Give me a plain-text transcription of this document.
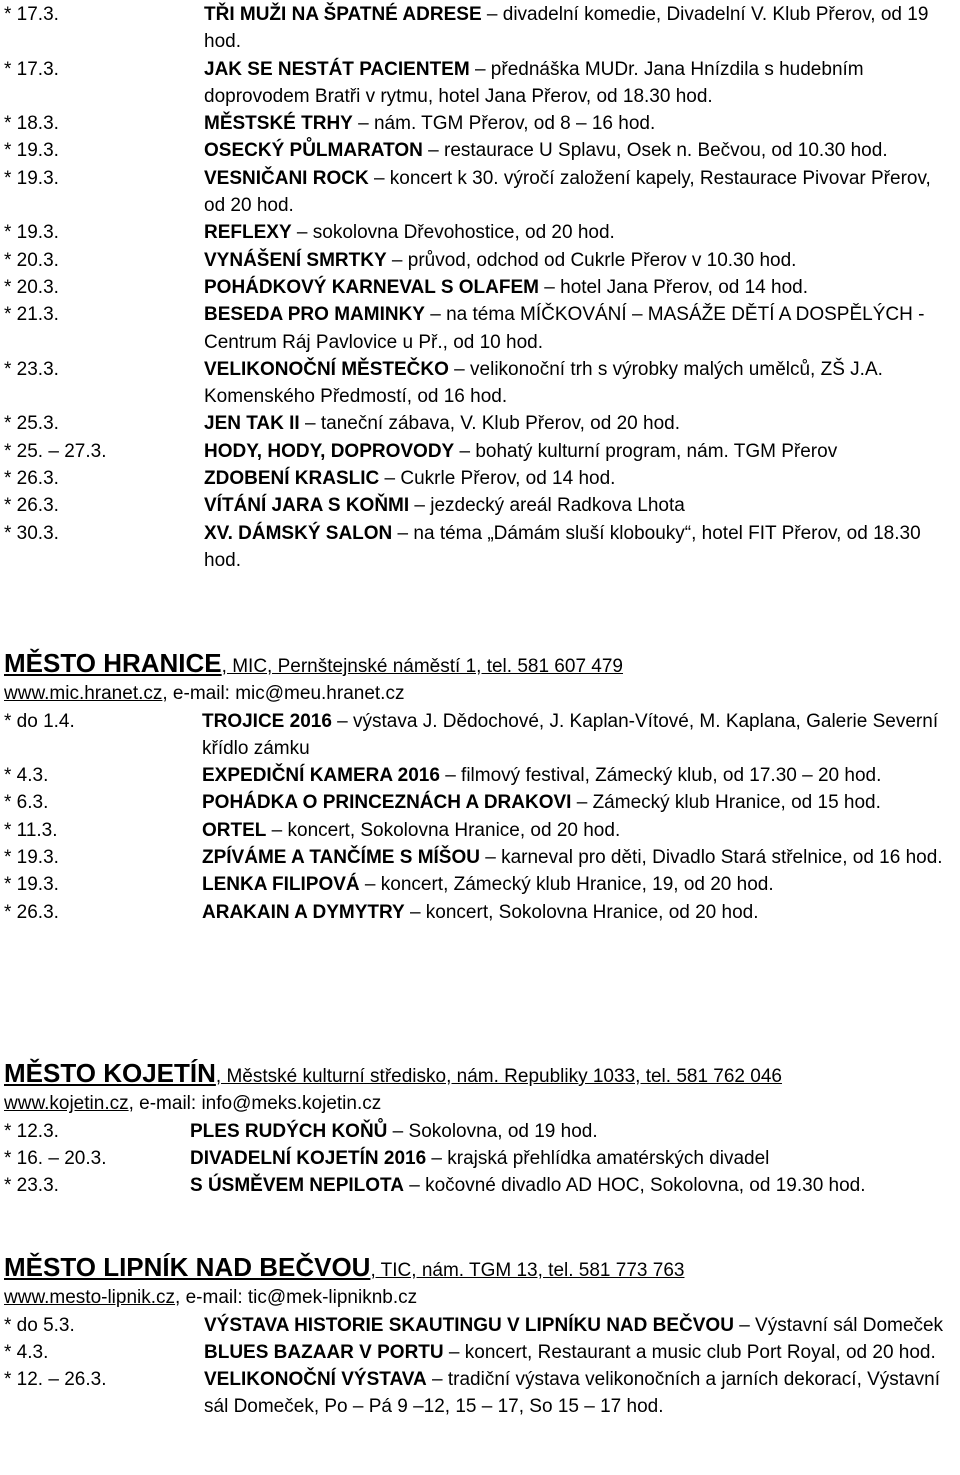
* 17.3.	TŘI MUŽI NA ŠPATNÉ ADRESE – divadelní komedie, Divadelní V. Klub Přerov, od 19 hod.
* 17.3.	JAK SE NESTÁT PACIENTEM – přednáška MUDr. Jana Hnízdila s hudebním doprovodem Bratři v rytmu, hotel Jana Přerov, od 18.30 hod.
* 18.3.	MĚSTSKÉ TRHY – nám. TGM Přerov, od 8 – 16 hod.
* 19.3.	OSECKÝ PŮLMARATON – restaurace U Splavu, Osek n. Bečvou, od 10.30 hod.
* 19.3.	VESNIČANI ROCK – koncert k 30. výročí založení kapely, Restaurace Pivovar Přerov, od 20 hod.
* 19.3.	REFLEXY – sokolovna Dřevohostice, od 20 hod.
* 20.3.	VYNÁŠENÍ SMRTKY – průvod, odchod od Cukrle Přerov v 10.30 hod.
* 20.3.	POHÁDKOVÝ KARNEVAL S OLAFEM – hotel Jana Přerov, od 14 hod.
* 21.3.	BESEDA PRO MAMINKY – na téma MÍČKOVÁNÍ – MASÁŽE DĚTÍ A DOSPĚLÝCH - Centrum Ráj Pavlovice u Př., od 10 hod.
* 23.3.	VELIKONOČNÍ MĚSTEČKO – velikonoční trh s výrobky malých umělců, ZŠ J.A. Komenského Předmostí, od 16 hod.
* 25.3.	JEN TAK II – taneční zábava, V. Klub Přerov, od 20 hod.
* 25. – 27.3.	HODY, HODY, DOPROVODY – bohatý kulturní program, nám. TGM Přerov
* 26.3.	ZDOBENÍ KRASLIC – Cukrle Přerov, od 14 hod.
* 26.3.	VÍTÁNÍ JARA S KOŇMI – jezdecký areál Radkova Lhota
* 30.3.	XV. DÁMSKÝ SALON – na téma „Dámám sluší klobouky“, hotel FIT Přerov, od 18.30 hod.
MĚSTO HRANICE, MIC, Pernštejnské náměstí 1, tel. 581 607 479
www.mic.hranet.cz, e-mail: mic@meu.hranet.cz
* do 1.4.	TROJICE 2016 – výstava J. Dědochové, J. Kaplan-Vítové, M. Kaplana, Galerie Severní křídlo zámku
* 4.3.	EXPEDIČNÍ KAMERA 2016 – filmový festival, Zámecký klub, od 17.30 – 20 hod.
* 6.3.	POHÁDKA O PRINCEZNÁCH A DRAKOVI – Zámecký klub Hranice, od 15 hod.
* 11.3.	ORTEL – koncert, Sokolovna Hranice, od 20 hod.
* 19.3.	ZPÍVÁME A TANČÍME S MÍŠOU – karneval pro děti, Divadlo Stará střelnice, od 16 hod.
* 19.3.	LENKA FILIPOVÁ – koncert, Zámecký klub Hranice, 19, od 20 hod.
* 26.3.	ARAKAIN A DYMYTRY – koncert, Sokolovna Hranice, od 20 hod.
MĚSTO KOJETÍN, Městské kulturní středisko, nám. Republiky 1033, tel. 581 762 046
www.kojetin.cz, e-mail: info@meks.kojetin.cz
* 12.3.	PLES RUDÝCH KOŇŮ – Sokolovna, od 19 hod.
* 16. – 20.3.	DIVADELNÍ KOJETÍN 2016 – krajská přehlídka amatérských divadel
* 23.3.	S ÚSMĚVEM NEPILOTA – kočovné divadlo AD HOC, Sokolovna, od 19.30 hod.
MĚSTO LIPNÍK NAD BEČVOU, TIC, nám. TGM 13, tel. 581 773 763
www.mesto-lipnik.cz, e-mail: tic@mek-lipniknb.cz
* do 5.3.	VÝSTAVA HISTORIE SKAUTINGU V LIPNÍKU NAD BEČVOU – Výstavní sál Domeček
* 4.3.	BLUES BAZAAR V PORTU – koncert, Restaurant a music club Port Royal, od 20 hod.
* 12. – 26.3.	VELIKONOČNÍ VÝSTAVA – tradiční výstava velikonočních a jarních dekorací, Výstavní sál Domeček, Po – Pá 9 –12, 15 – 17, So 15 – 17 hod.
